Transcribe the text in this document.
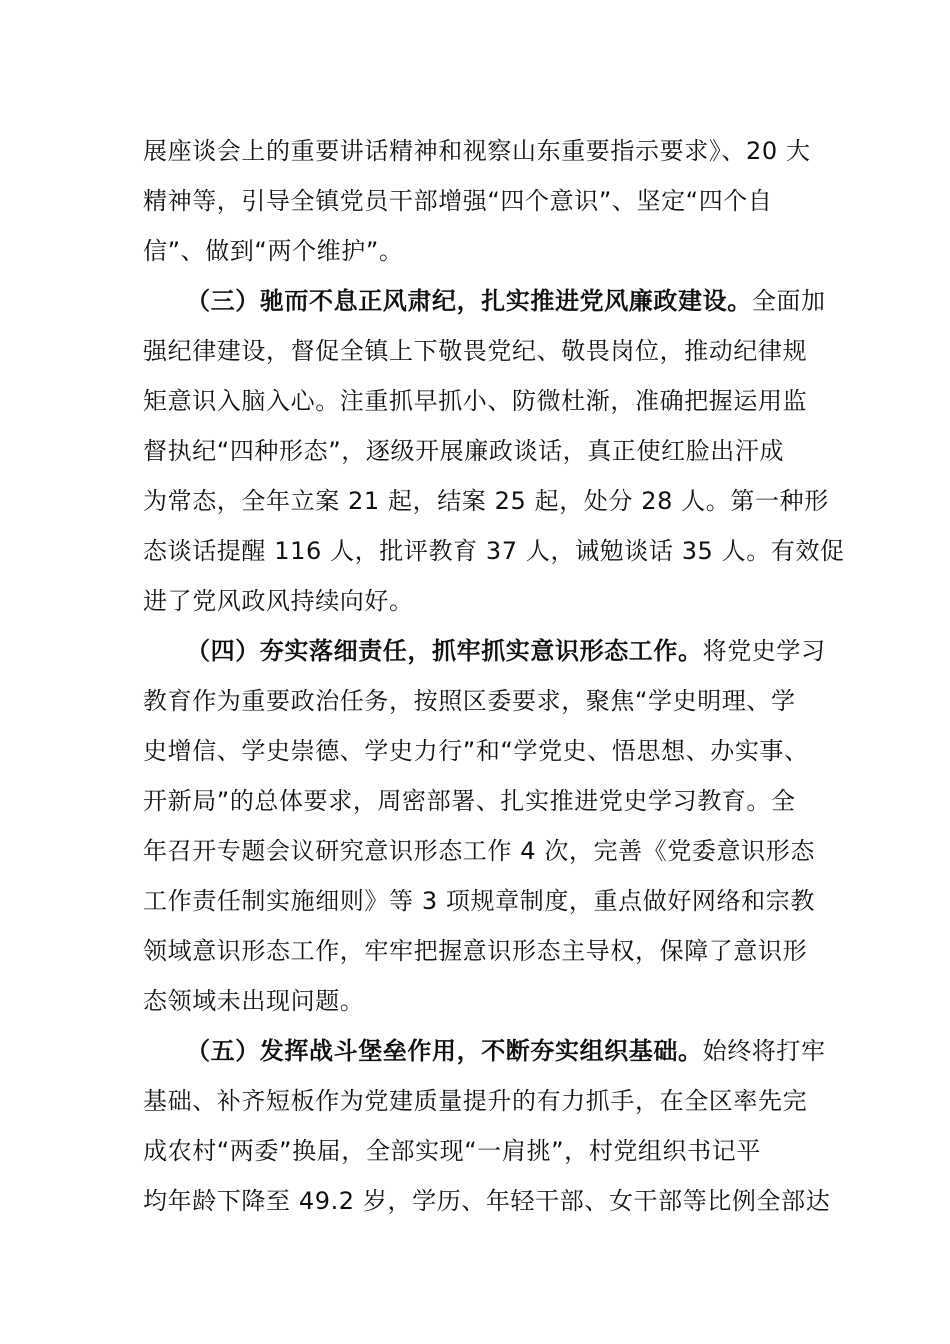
展座谈会上的重要讲话精神和视察山东重要指示要求》、20 大
精神等，引导全镇党员干部增强“四个意识”、坚定“四个自
信”、做到“两个维护”。
（三）驰而不息正风肃纪，扎实推进党风廉政建设。全面加
强纪律建设，督促全镇上下敬畏党纪、敬畏岗位，推动纪律规
矩意识入脑入心。注重抓早抓小、防微杜渐，准确把握运用监
督执纪“四种形态”，逐级开展廉政谈话，真正使红脸出汗成
为常态，全年立案 21 起，结案 25 起，处分 28 人。第一种形
态谈话提醒 116 人，批评教育 37 人，诫勉谈话 35 人。有效促
进了党风政风持续向好。
（四）夯实落细责任，抓牢抓实意识形态工作。将党史学习
教育作为重要政治任务，按照区委要求，聚焦“学史明理、学
史增信、学史崇德、学史力行”和“学党史、悟思想、办实事、
开新局”的总体要求，周密部署、扎实推进党史学习教育。全
年召开专题会议研究意识形态工作 4 次，完善《党委意识形态
工作责任制实施细则》等 3 项规章制度，重点做好网络和宗教
领域意识形态工作，牢牢把握意识形态主导权，保障了意识形
态领域未出现问题。
（五）发挥战斗堡垒作用，不断夯实组织基础。始终将打牢
基础、补齐短板作为党建质量提升的有力抓手，在全区率先完
成农村“两委”换届，全部实现“一肩挑”，村党组织书记平
均年龄下降至 49.2 岁，学历、年轻干部、女干部等比例全部达
